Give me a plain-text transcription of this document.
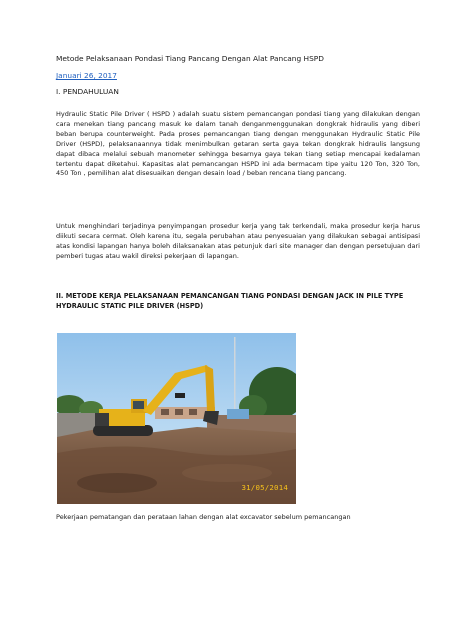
Metode Pelaksanaan Pondasi Tiang Pancang Dengan Alat Pancang HSPD

Januari 26, 2017

I. PENDAHULUAN

Hydraulic Static Pile Driver ( HSPD ) adalah suatu sistem pemancangan pondasi tiang yang dilakukan dengan cara menekan tiang pancang masuk ke dalam tanah denganmenggunakan dongkrak hidraulis yang diberi beban berupa counterweight. Pada proses pemancangan tiang dengan menggunakan Hydraulic Static Pile Driver (HSPD), pelaksanaannya tidak menimbulkan getaran serta gaya tekan dongkrak hidraulis langsung dapat dibaca melalui sebuah manometer sehingga besarnya gaya tekan tiang setiap mencapai kedalaman tertentu dapat diketahui. Kapasitas alat pemancangan HSPD ini ada bermacam tipe yaitu 120 Ton, 320 Ton, 450 Ton , pemilihan alat disesuaikan dengan desain load / beban rencana tiang pancang.

Untuk menghindari terjadinya penyimpangan prosedur kerja yang tak terkendali, maka prosedur kerja harus diikuti secara cermat. Oleh karena itu, segala perubahan atau penyesuaian yang dilakukan sebagai antisipasi atas kondisi lapangan hanya boleh dilaksanakan atas petunjuk dari site manager dan dengan persetujuan dari pemberi tugas atau wakil direksi pekerjaan di lapangan.

II. METODE KERJA PELAKSANAAN PEMANCANGAN TIANG PONDASI DENGAN JACK IN PILE TYPE HYDRAULIC STATIC PILE DRIVER (HSPD)

31/05/2014

Pekerjaan pematangan dan perataan lahan dengan alat excavator sebelum pemancangan
